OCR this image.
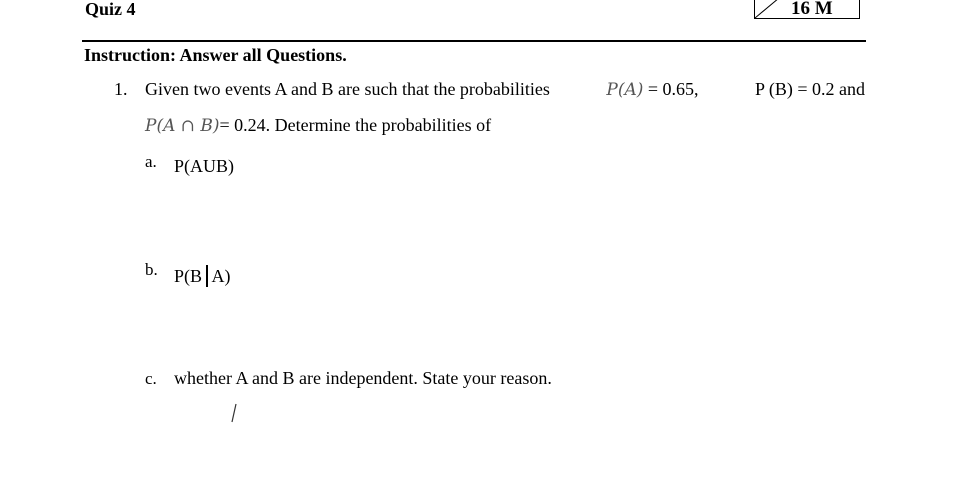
Quiz 4	16 M
Instruction: Answer all Questions.
1. Given two events A and B are such that the probabilities	P(A) = 0.65,	P (B) = 0.2 and
P(A ∩ B)= 0.24. Determine the probabilities of
a. P(AUB)
b. P(B A)
c. whether A and B are independent. State your reason.
